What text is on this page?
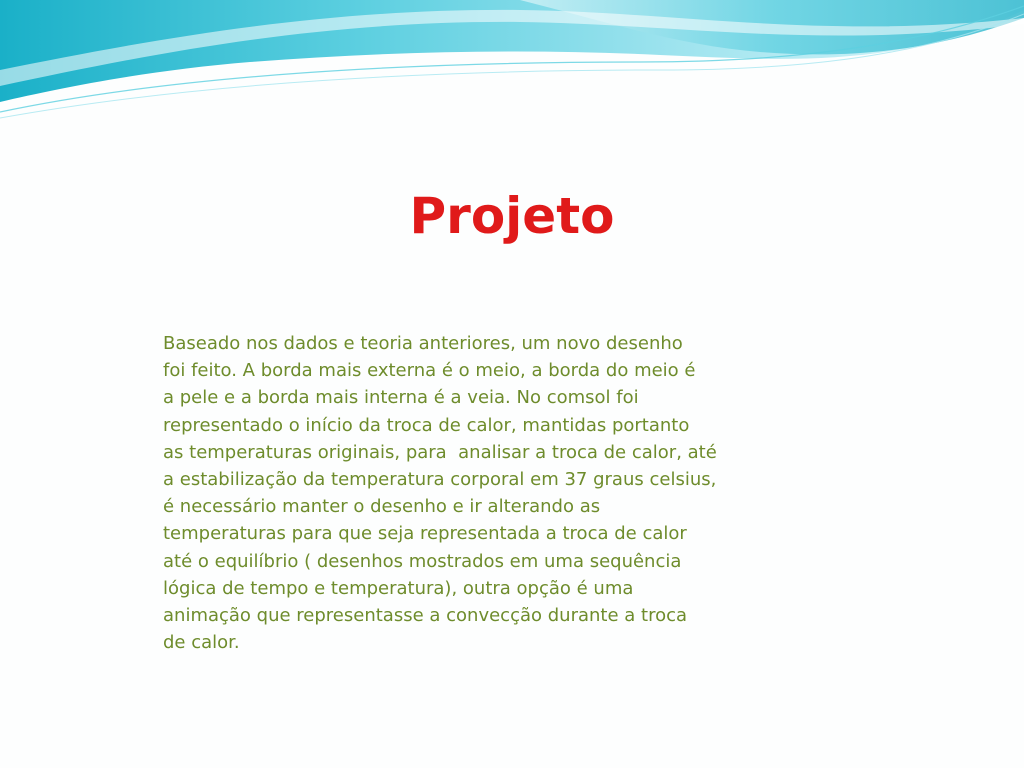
Projeto
Baseado nos dados e teoria anteriores, um novo desenho
foi feito. A borda mais externa é o meio, a borda do meio é
a pele e a borda mais interna é a veia. No comsol foi
representado o início da troca de calor, mantidas portanto
as temperaturas originais, para  analisar a troca de calor, até
a estabilização da temperatura corporal em 37 graus celsius,
é necessário manter o desenho e ir alterando as
temperaturas para que seja representada a troca de calor
até o equilíbrio ( desenhos mostrados em uma sequência
lógica de tempo e temperatura), outra opção é uma
animação que representasse a convecção durante a troca
de calor.
